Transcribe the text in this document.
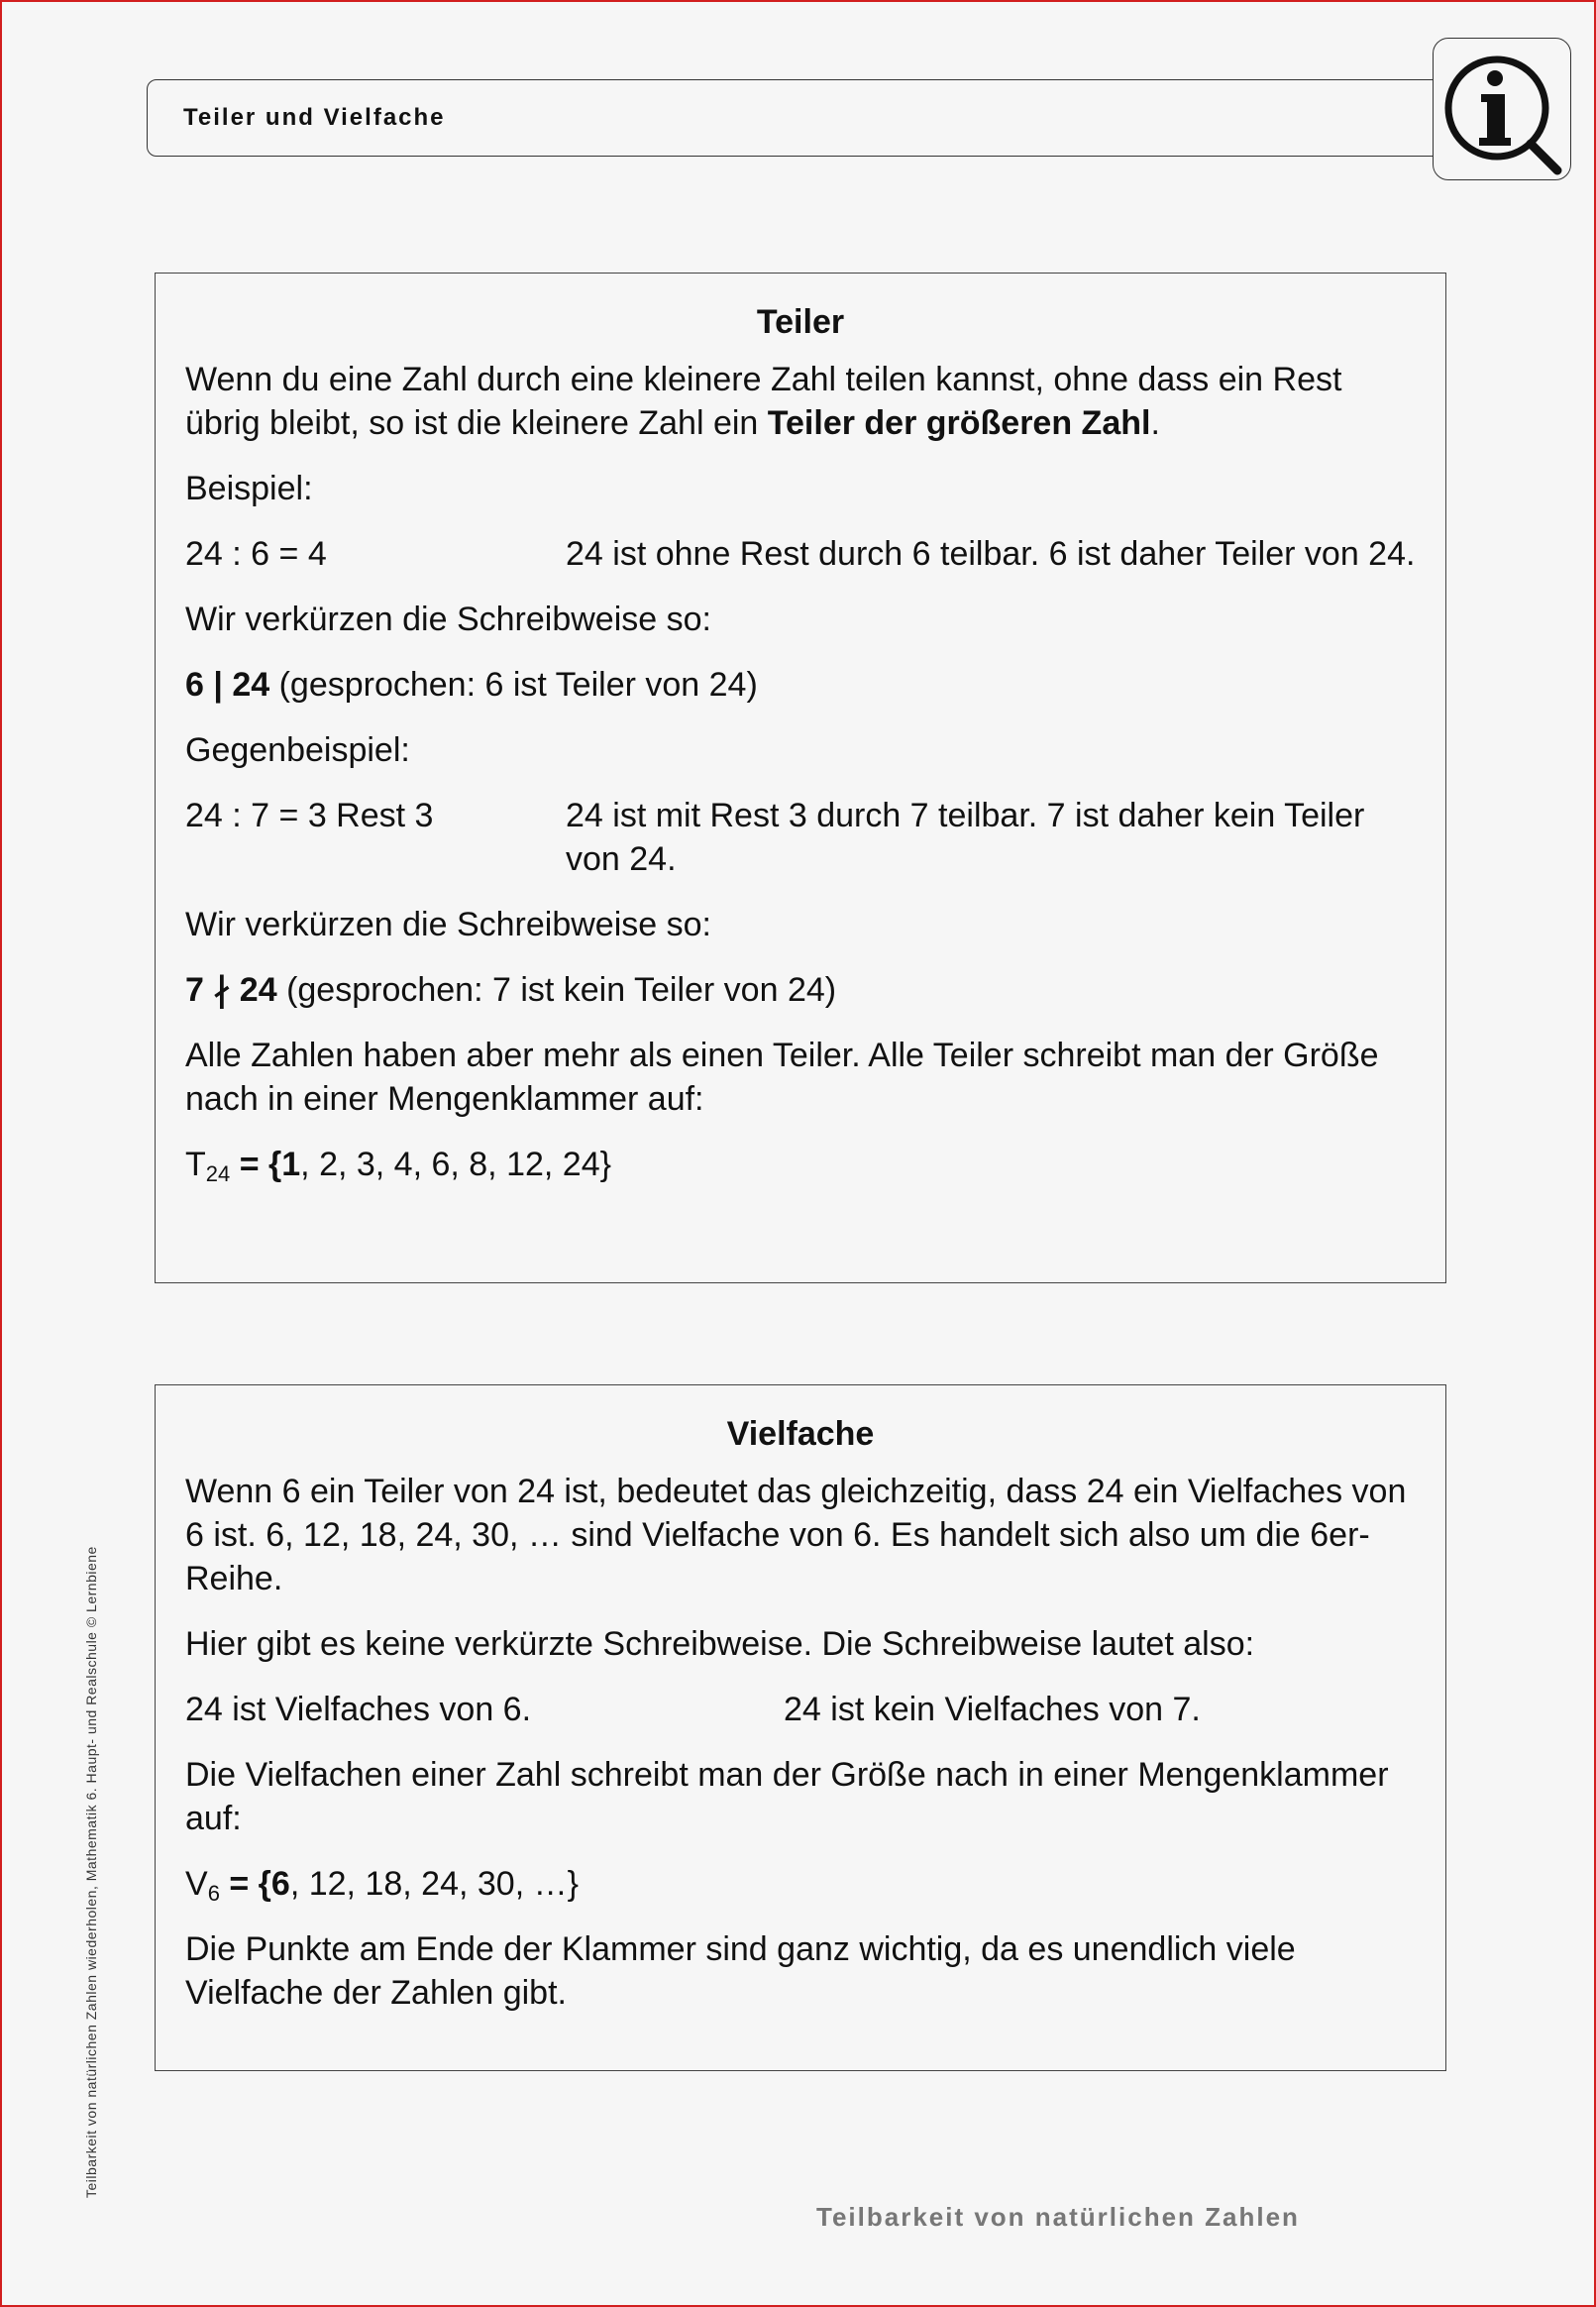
Teiler und Vielfache
Teiler

Wenn du eine Zahl durch eine kleinere Zahl teilen kannst, ohne dass ein Rest übrig bleibt, so ist die kleinere Zahl ein Teiler der größeren Zahl.

Beispiel:

24 : 6 = 4	24 ist ohne Rest durch 6 teilbar. 6 ist daher Teiler von 24.

Wir verkürzen die Schreibweise so:

6 | 24 (gesprochen: 6 ist Teiler von 24)

Gegenbeispiel:

24 : 7 = 3 Rest 3	24 ist mit Rest 3 durch 7 teilbar. 7 ist daher kein Teiler von 24.

Wir verkürzen die Schreibweise so:

7 ∤ 24 (gesprochen: 7 ist kein Teiler von 24)

Alle Zahlen haben aber mehr als einen Teiler. Alle Teiler schreibt man der Größe nach in einer Mengenklammer auf:

$T_{24} = \{1$, 2, 3, 4, 6, 8, 12, 24}

Vielfache

Wenn 6 ein Teiler von 24 ist, bedeutet das gleichzeitig, dass 24 ein Vielfaches von 6 ist. 6, 12, 18, 24, 30, … sind Vielfache von 6. Es handelt sich also um die 6er-Reihe.

Hier gibt es keine verkürzte Schreibweise. Die Schreibweise lautet also:

24 ist Vielfaches von 6.	24 ist kein Vielfaches von 7.

Die Vielfachen einer Zahl schreibt man der Größe nach in einer Mengenklammer auf:

$V_6 = \{6$, 12, 18, 24, 30, …}

Die Punkte am Ende der Klammer sind ganz wichtig, da es unendlich viele Vielfache der Zahlen gibt.

Teilbarkeit von natürlichen Zahlen wiederholen, Mathematik 6. Haupt- und Realschule © Lernbiene
Teilbarkeit von natürlichen Zahlen
